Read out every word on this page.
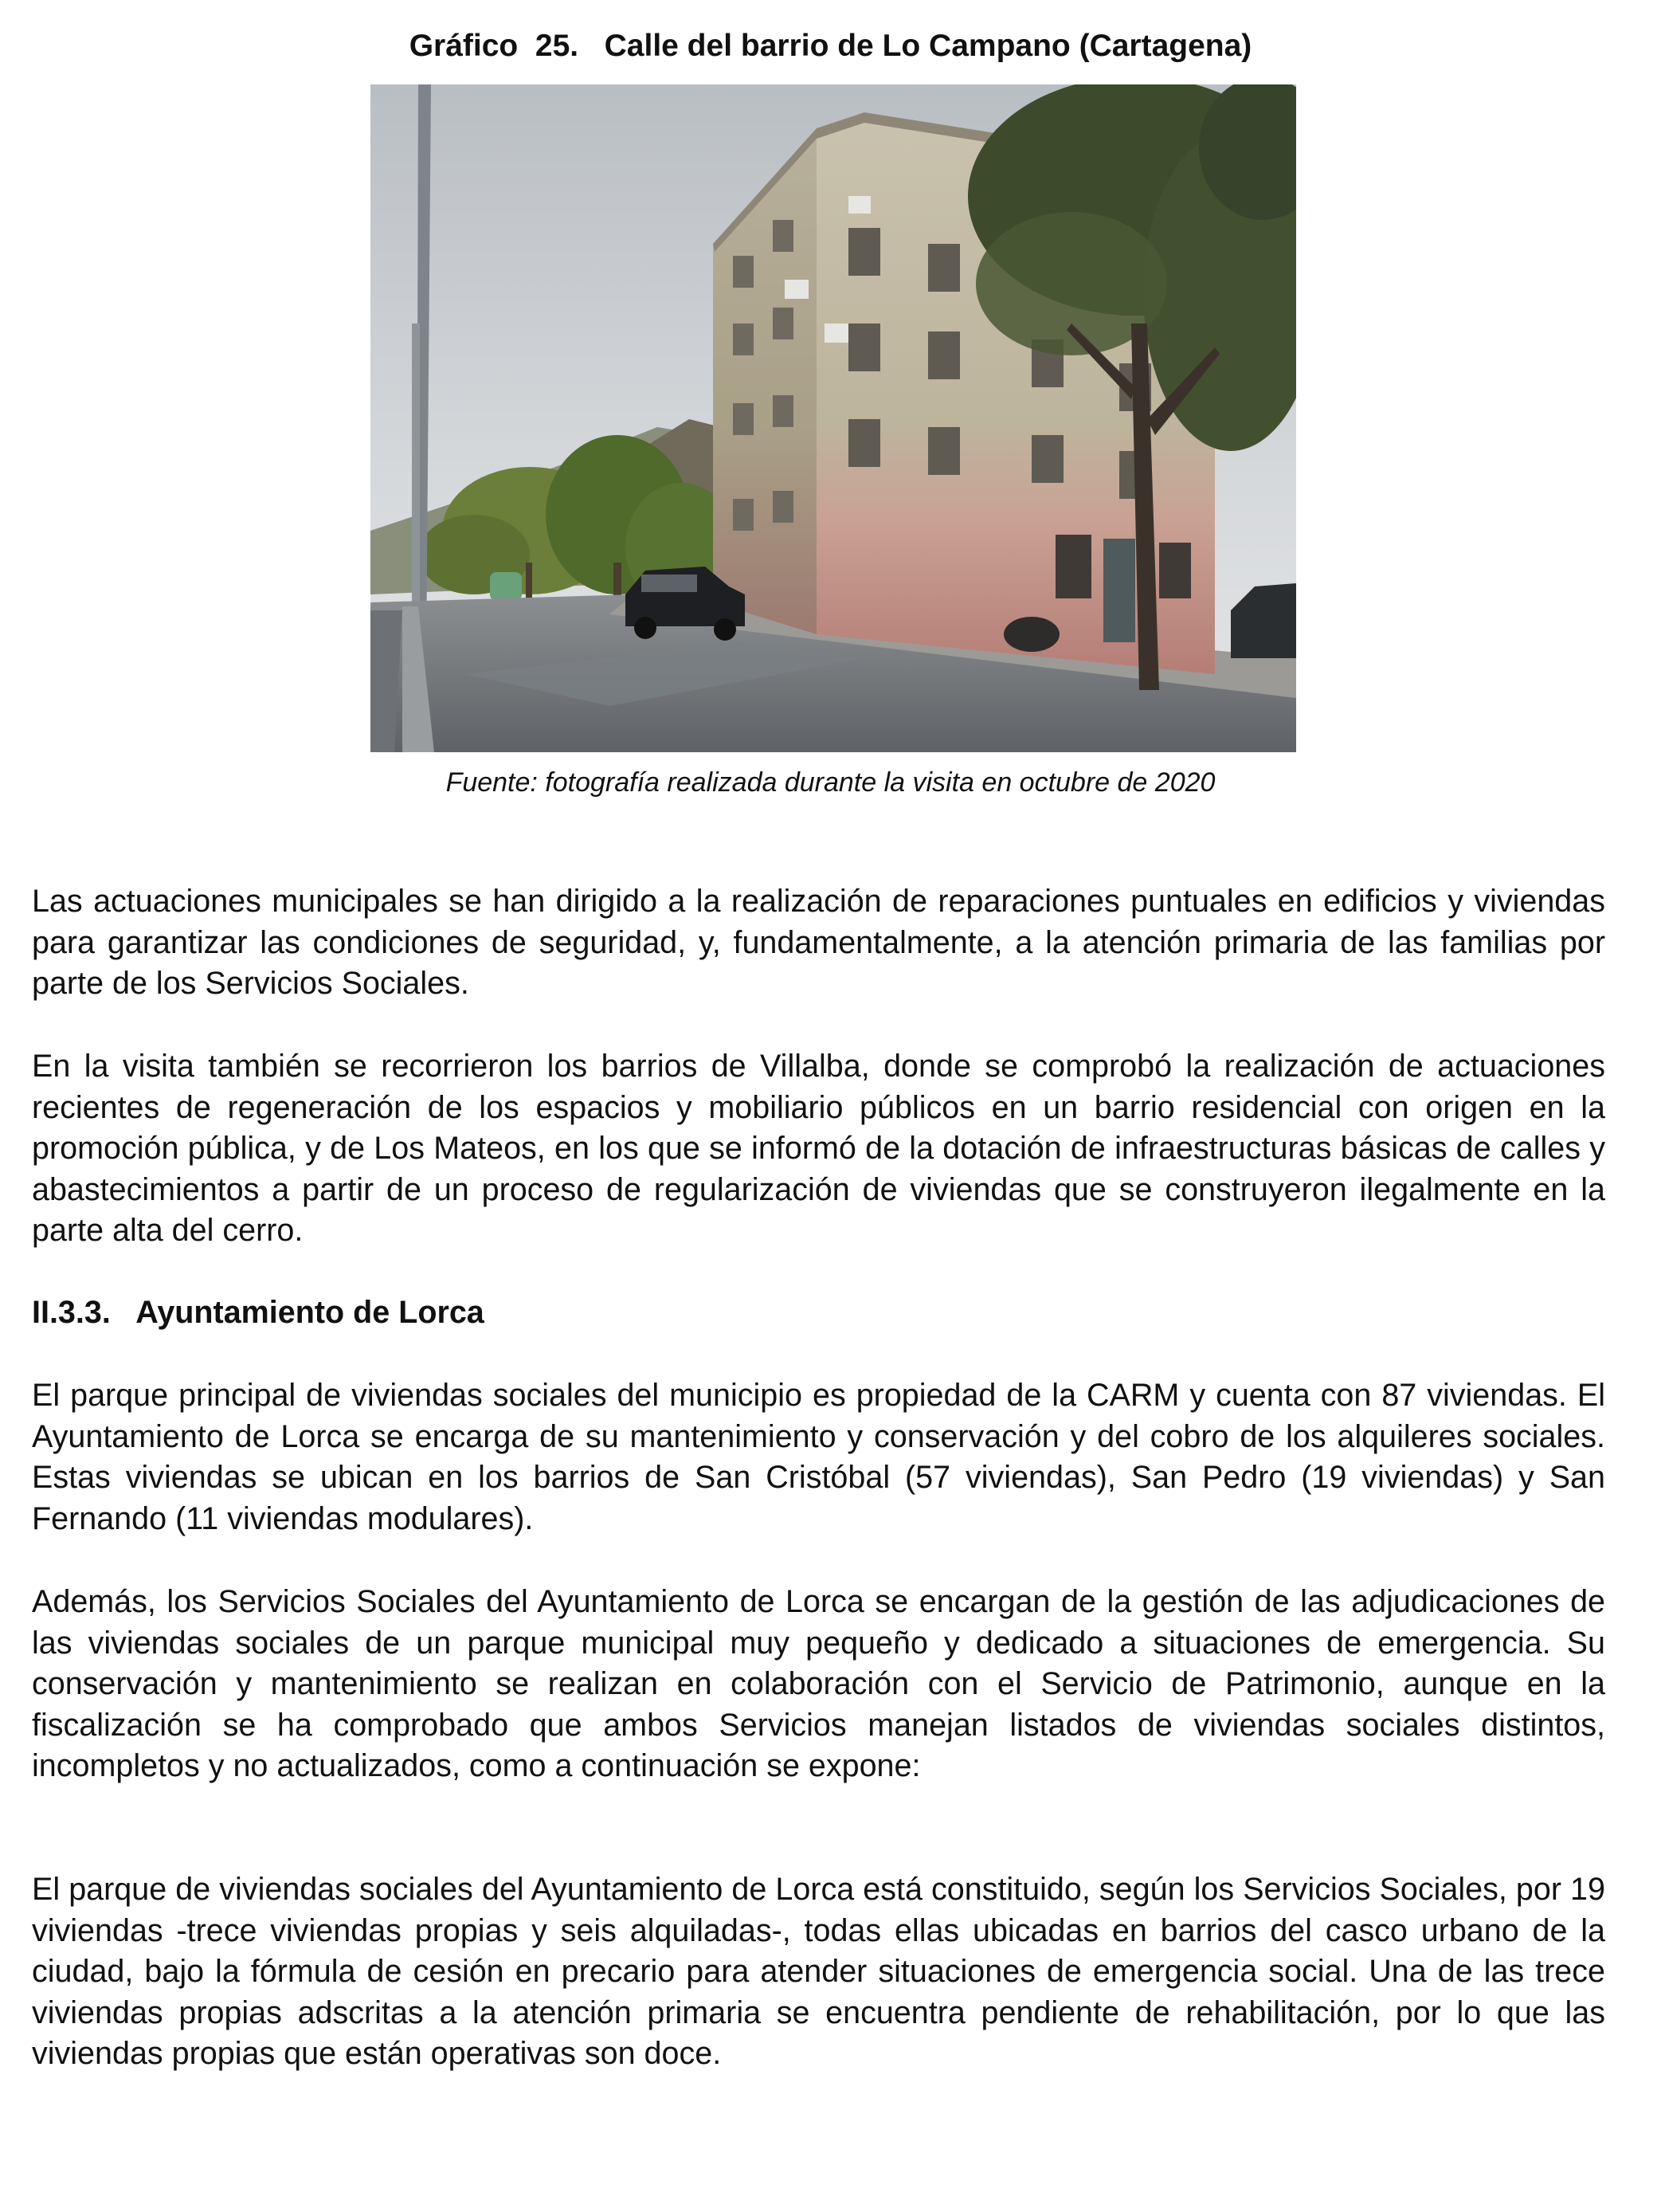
Gráfico  25.   Calle del barrio de Lo Campano (Cartagena)
Fuente: fotografía realizada durante la visita en octubre de 2020

Las actuaciones municipales se han dirigido a la realización de reparaciones puntuales en edificios y viviendas para garantizar las condiciones de seguridad, y, fundamentalmente, a la atención primaria de las familias por parte de los Servicios Sociales.

En la visita también se recorrieron los barrios de Villalba, donde se comprobó la realización de actuaciones recientes de regeneración de los espacios y mobiliario públicos en un barrio residencial con origen en la promoción pública, y de Los Mateos, en los que se informó de la dotación de infraestructuras básicas de calles y abastecimientos a partir de un proceso de regularización de viviendas que se construyeron ilegalmente en la parte alta del cerro.

II.3.3.   Ayuntamiento de Lorca

El parque principal de viviendas sociales del municipio es propiedad de la CARM y cuenta con 87 viviendas. El Ayuntamiento de Lorca se encarga de su mantenimiento y conservación y del cobro de los alquileres sociales. Estas viviendas se ubican en los barrios de San Cristóbal (57 viviendas), San Pedro (19 viviendas) y San Fernando (11 viviendas modulares).

Además, los Servicios Sociales del Ayuntamiento de Lorca se encargan de la gestión de las adjudicaciones de las viviendas sociales de un parque municipal muy pequeño y dedicado a situaciones de emergencia. Su conservación y mantenimiento se realizan en colaboración con el Servicio de Patrimonio, aunque en la fiscalización se ha comprobado que ambos Servicios manejan listados de viviendas sociales distintos, incompletos y no actualizados, como a continuación se expone:

El parque de viviendas sociales del Ayuntamiento de Lorca está constituido, según los Servicios Sociales, por 19 viviendas -trece viviendas propias y seis alquiladas-, todas ellas ubicadas en barrios del casco urbano de la ciudad, bajo la fórmula de cesión en precario para atender situaciones de emergencia social. Una de las trece viviendas propias adscritas a la atención primaria se encuentra pendiente de rehabilitación, por lo que las viviendas propias que están operativas son doce.
